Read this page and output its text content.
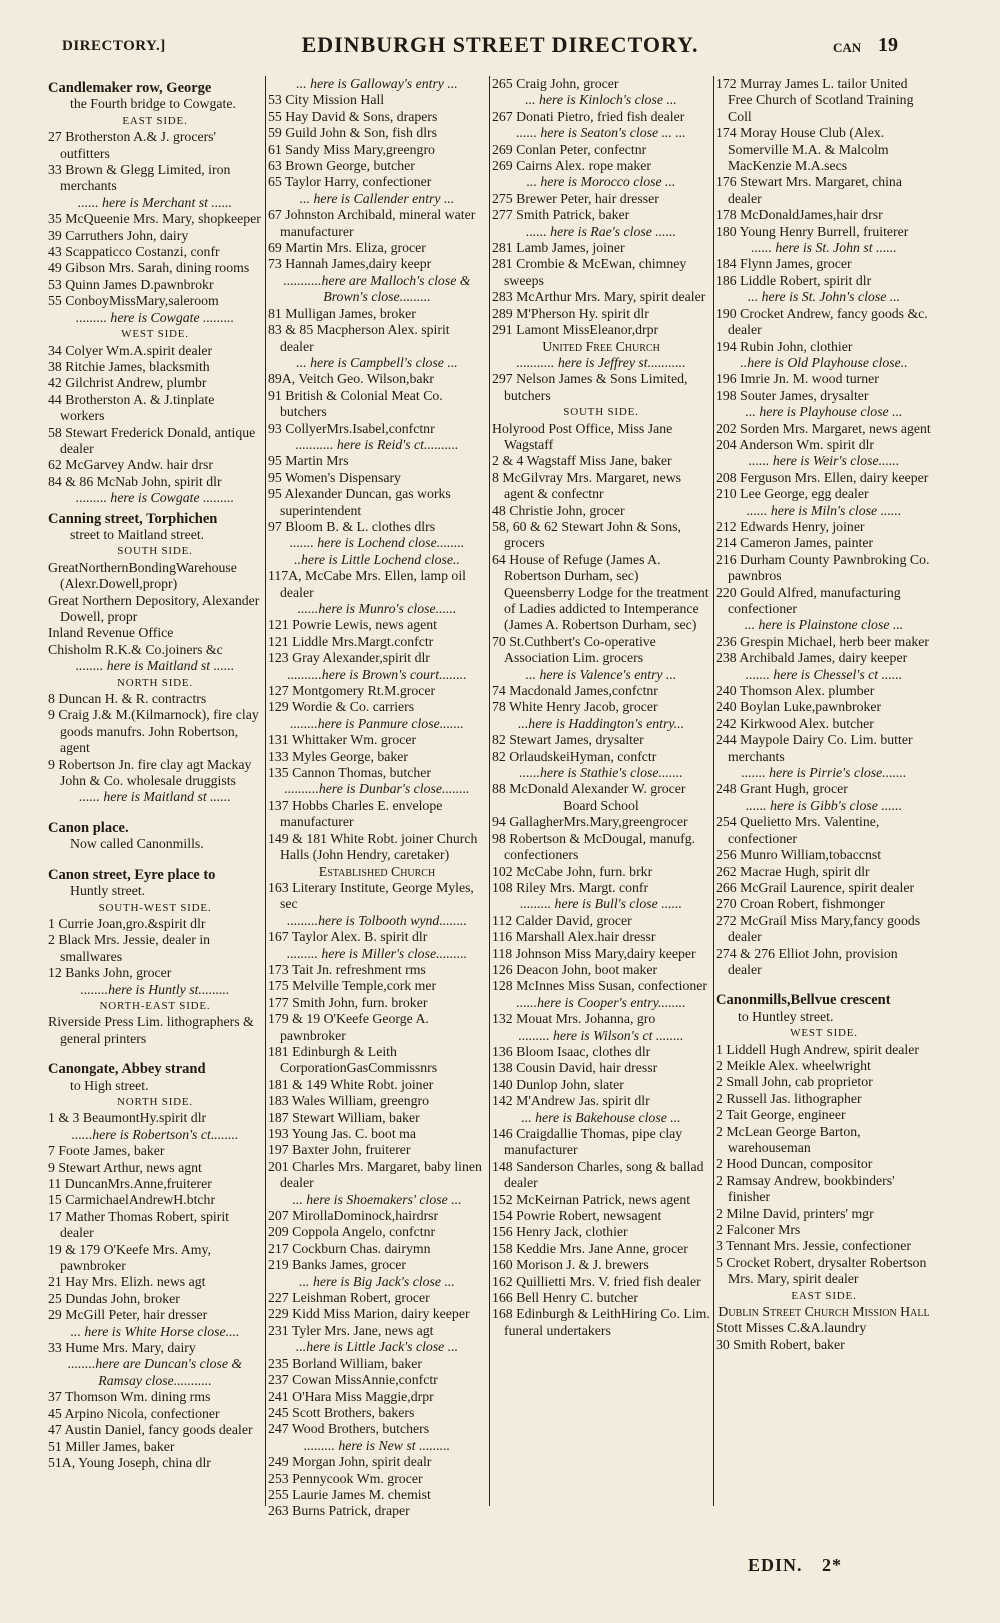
DIRECTORY.]	EDINBURGH STREET DIRECTORY.	CAN 19
Candlemaker row, George
the Fourth bridge to Cowgate.
EAST SIDE.
27 Brotherston A.& J. grocers' outfitters
33 Brown & Glegg Limited, iron merchants
...... here is Merchant st ......
35 McQueenie Mrs. Mary, shopkeeper
39 Carruthers John, dairy
43 Scappaticco Costanzi, confr
49 Gibson Mrs. Sarah, dining rooms
53 Quinn James D.pawnbrokr
55 ConboyMissMary,saleroom
......... here is Cowgate .........
WEST SIDE.
34 Colyer Wm.A.spirit dealer
38 Ritchie James, blacksmith
42 Gilchrist Andrew, plumbr
44 Brotherston A. & J.tinplate workers
58 Stewart Frederick Donald, antique dealer
62 McGarvey Andw. hair drsr
84 & 86 McNab John, spirit dlr
......... here is Cowgate .........
Canning street, Torphichen
street to Maitland street.
SOUTH SIDE.
GreatNorthernBondingWarehouse (Alexr.Dowell,propr)
Great Northern Depository, Alexander Dowell, propr
Inland Revenue Office
Chisholm R.K.& Co.joiners &c
........ here is Maitland st ......
NORTH SIDE.
8 Duncan H. & R. contractrs
9 Craig J.& M.(Kilmarnock), fire clay goods manufrs. John Robertson, agent
9 Robertson Jn. fire clay agt Mackay John & Co. wholesale druggists
...... here is Maitland st ......
Canon place.
Now called Canonmills.
Canon street, Eyre place to
Huntly street.
SOUTH-WEST SIDE.
1 Currie Joan,gro.&spirit dlr
2 Black Mrs. Jessie, dealer in smallwares
12 Banks John, grocer
........here is Huntly st.........
NORTH-EAST SIDE.
Riverside Press Lim. lithographers & general printers
Canongate, Abbey strand
to High street.
NORTH SIDE.
1 & 3 BeaumontHy.spirit dlr
......here is Robertson's ct........
7 Foote James, baker
9 Stewart Arthur, news agnt
11 DuncanMrs.Anne,fruiterer
15 CarmichaelAndrewH.btchr
17 Mather Thomas Robert, spirit dealer
19 & 179 O'Keefe Mrs. Amy, pawnbroker
21 Hay Mrs. Elizh. news agt
25 Dundas John, broker
29 McGill Peter, hair dresser
... here is White Horse close....
33 Hume Mrs. Mary, dairy
........here are Duncan's close & Ramsay close...........
37 Thomson Wm. dining rms
45 Arpino Nicola, confectioner
47 Austin Daniel, fancy goods dealer
51 Miller James, baker
51A, Young Joseph, china dlr
... here is Galloway's entry ...
53 City Mission Hall
55 Hay David & Sons, drapers
59 Guild John & Son, fish dlrs
61 Sandy Miss Mary,greengro
63 Brown George, butcher
65 Taylor Harry, confectioner
... here is Callender entry ...
67 Johnston Archibald, mineral water manufacturer
69 Martin Mrs. Eliza, grocer
73 Hannah James,dairy keepr
...........here are Malloch's close & Brown's close.........
81 Mulligan James, broker
83 & 85 Macpherson Alex. spirit dealer
... here is Campbell's close ...
89A, Veitch Geo. Wilson,bakr
91 British & Colonial Meat Co. butchers
93 CollyerMrs.Isabel,confctnr
........... here is Reid's ct..........
95 Martin Mrs
95 Women's Dispensary
95 Alexander Duncan, gas works superintendent
97 Bloom B. & L. clothes dlrs
....... here is Lochend close........
..here is Little Lochend close..
117A, McCabe Mrs. Ellen, lamp oil dealer
......here is Munro's close......
121 Powrie Lewis, news agent
121 Liddle Mrs.Margt.confctr
123 Gray Alexander,spirit dlr
..........here is Brown's court........
127 Montgomery Rt.M.grocer
129 Wordie & Co. carriers
........here is Panmure close.......
131 Whittaker Wm. grocer
133 Myles George, baker
135 Cannon Thomas, butcher
..........here is Dunbar's close........
137 Hobbs Charles E. envelope manufacturer
149 & 181 White Robt. joiner Church Halls (John Hendry, caretaker)
Established Church
163 Literary Institute, George Myles, sec
.........here is Tolbooth wynd........
167 Taylor Alex. B. spirit dlr
......... here is Miller's close.........
173 Tait Jn. refreshment rms
175 Melville Temple,cork mer
177 Smith John, furn. broker
179 & 19 O'Keefe George A. pawnbroker
181 Edinburgh & Leith CorporationGasCommissnrs
181 & 149 White Robt. joiner
183 Wales William, greengro
187 Stewart William, baker
193 Young Jas. C. boot ma
197 Baxter John, fruiterer
201 Charles Mrs. Margaret, baby linen dealer
... here is Shoemakers' close ...
207 MirollaDominock,hairdrsr
209 Coppola Angelo, confctnr
217 Cockburn Chas. dairymn
219 Banks James, grocer
... here is Big Jack's close ...
227 Leishman Robert, grocer
229 Kidd Miss Marion, dairy keeper
231 Tyler Mrs. Jane, news agt
...here is Little Jack's close ...
235 Borland William, baker
237 Cowan MissAnnie,confctr
241 O'Hara Miss Maggie,drpr
245 Scott Brothers, bakers
247 Wood Brothers, butchers
......... here is New st .........
249 Morgan John, spirit dealr
253 Pennycook Wm. grocer
255 Laurie James M. chemist
263 Burns Patrick, draper
265 Craig John, grocer
... here is Kinloch's close ...
267 Donati Pietro, fried fish dealer
...... here is Seaton's close ... ...
269 Conlan Peter, confectnr
269 Cairns Alex. rope maker
... here is Morocco close ...
275 Brewer Peter, hair dresser
277 Smith Patrick, baker
...... here is Rae's close ......
281 Lamb James, joiner
281 Crombie & McEwan, chimney sweeps
283 McArthur Mrs. Mary, spirit dealer
289 M'Pherson Hy. spirit dlr
291 Lamont MissEleanor,drpr
United Free Church
........... here is Jeffrey st...........
297 Nelson James & Sons Limited, butchers
SOUTH SIDE.
Holyrood Post Office, Miss Jane Wagstaff
2 & 4 Wagstaff Miss Jane, baker
8 McGilvray Mrs. Margaret, news agent & confectnr
48 Christie John, grocer
58, 60 & 62 Stewart John & Sons, grocers
64 House of Refuge (James A. Robertson Durham, sec) Queensberry Lodge for the treatment of Ladies addicted to Intemperance (James A. Robertson Durham, sec)
70 St.Cuthbert's Co-operative Association Lim. grocers
... here is Valence's entry ...
74 Macdonald James,confctnr
78 White Henry Jacob, grocer
...here is Haddington's entry...
82 Stewart James, drysalter
82 OrlaudskeiHyman, confctr
......here is Stathie's close.......
88 McDonald Alexander W. grocer
Board School
94 GallagherMrs.Mary,greengrocer
98 Robertson & McDougal, manufg. confectioners
102 McCabe John, furn. brkr
108 Riley Mrs. Margt. confr
......... here is Bull's close ......
112 Calder David, grocer
116 Marshall Alex.hair dressr
118 Johnson Miss Mary,dairy keeper
126 Deacon John, boot maker
128 McInnes Miss Susan, confectioner
......here is Cooper's entry........
132 Mouat Mrs. Johanna, gro
......... here is Wilson's ct ........
136 Bloom Isaac, clothes dlr
138 Cousin David, hair dressr
140 Dunlop John, slater
142 M'Andrew Jas. spirit dlr
... here is Bakehouse close ...
146 Craigdallie Thomas, pipe clay manufacturer
148 Sanderson Charles, song & ballad dealer
152 McKeirnan Patrick, news agent
154 Powrie Robert, newsagent
156 Henry Jack, clothier
158 Keddie Mrs. Jane Anne, grocer
160 Morison J. & J. brewers
162 Quillietti Mrs. V. fried fish dealer
166 Bell Henry C. butcher
168 Edinburgh & LeithHiring Co. Lim. funeral undertakers
172 Murray James L. tailor United Free Church of Scotland Training Coll
174 Moray House Club (Alex. Somerville M.A. & Malcolm MacKenzie M.A.secs
176 Stewart Mrs. Margaret, china dealer
178 McDonaldJames,hair drsr
180 Young Henry Burrell, fruiterer
...... here is St. John st ......
184 Flynn James, grocer
186 Liddle Robert, spirit dlr
... here is St. John's close ...
190 Crocket Andrew, fancy goods &c. dealer
194 Rubin John, clothier
..here is Old Playhouse close..
196 Imrie Jn. M. wood turner
198 Souter James, drysalter
... here is Playhouse close ...
202 Sorden Mrs. Margaret, news agent
204 Anderson Wm. spirit dlr
...... here is Weir's close......
208 Ferguson Mrs. Ellen, dairy keeper
210 Lee George, egg dealer
...... here is Miln's close ......
212 Edwards Henry, joiner
214 Cameron James, painter
216 Durham County Pawnbroking Co. pawnbros
220 Gould Alfred, manufacturing confectioner
... here is Plainstone close ...
236 Grespin Michael, herb beer maker
238 Archibald James, dairy keeper
....... here is Chessel's ct ......
240 Thomson Alex. plumber
240 Boylan Luke,pawnbroker
242 Kirkwood Alex. butcher
244 Maypole Dairy Co. Lim. butter merchants
....... here is Pirrie's close.......
248 Grant Hugh, grocer
...... here is Gibb's close ......
254 Quelietto Mrs. Valentine, confectioner
256 Munro William,tobaccnst
262 Macrae Hugh, spirit dlr
266 McGrail Laurence, spirit dealer
270 Croan Robert, fishmonger
272 McGrail Miss Mary,fancy goods dealer
274 & 276 Elliot John, provision dealer
Canonmills,Bellvue crescent
to Huntley street.
WEST SIDE.
1 Liddell Hugh Andrew, spirit dealer
2 Meikle Alex. wheelwright
2 Small John, cab proprietor
2 Russell Jas. lithographer
2 Tait George, engineer
2 McLean George Barton, warehouseman
2 Hood Duncan, compositor
2 Ramsay Andrew, bookbinders' finisher
2 Milne David, printers' mgr
2 Falconer Mrs
3 Tennant Mrs. Jessie, confectioner
5 Crocket Robert, drysalter Robertson Mrs. Mary, spirit dealer
EAST SIDE.
Dublin Street Church Mission Hall
Stott Misses C.&A.laundry
30 Smith Robert, baker
EDIN. 2*
